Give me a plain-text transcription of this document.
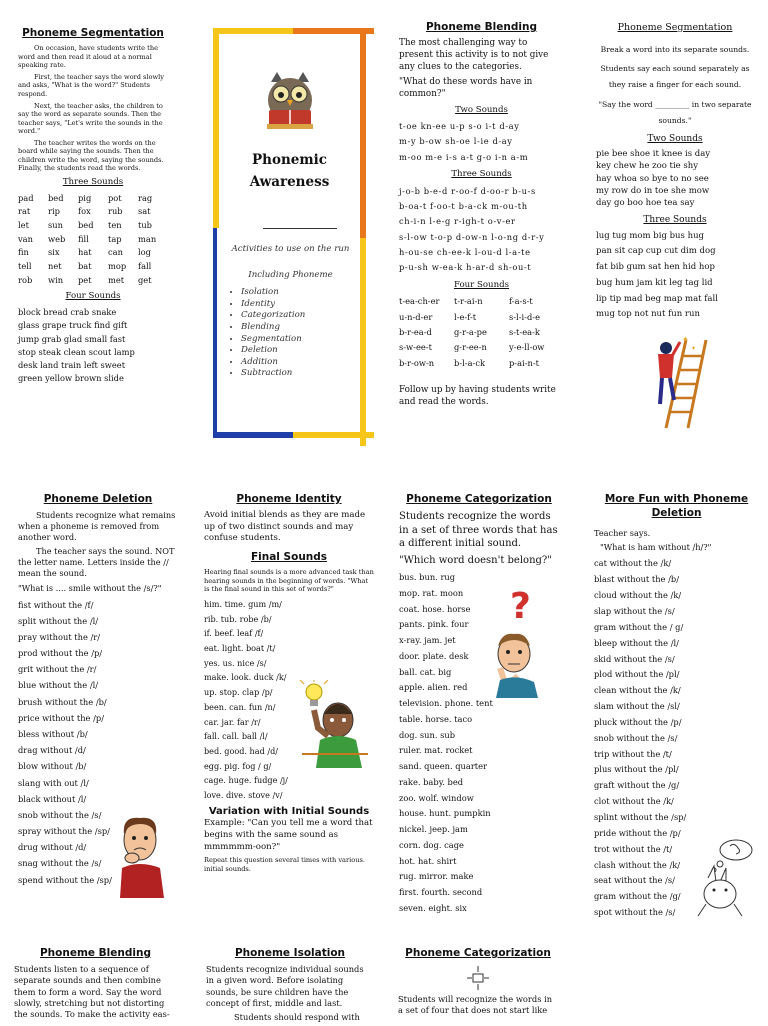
Phoneme Segmentation

On occasion, have students write the word and then read it aloud at a normal speaking rate.

First, the teacher says the word slowly and asks, "What is the word?" Students respond.

Next, the teacher asks, the children to say the word as separate sounds. Then the teacher says, "Let's write the sounds in the word."

The teacher writes the words on the board while saying the sounds. Then the children write the word, saying the sounds. Finally, the students read the words.

Three Sounds
pad	bed	pig	pot	rag
rat	rip	fox	rub	sat
let	sun	bed	ten	tub
van	web	fill	tap	man
fin	six	hat	can	log
tell	net	bat	mop	fall
rob	win	pet	met	get
Four Sounds
block bread crab snake
glass grape truck find gift
jump grab glad small fast
stop steak clean scout lamp
desk land train left sweet
green yellow brown slide
Phonemic
Awareness
Activities to use on the run
Including Phoneme
• Isolation
• Identity
• Categorization
• Blending
• Segmentation
• Deletion
• Addition
• Subtraction
Phoneme Blending

The most challenging way to present this activity is to not give any clues to the categories.

"What do these words have in common?"

Two Sounds
t-oe kn-ee u-p s-o i-t d-ay
m-y b-ow sh-oe l-ie d-ay
m-oo m-e i-s a-t g-o i-n a-m
Three Sounds
j-o-b b-e-d r-oo-f d-oo-r b-u-s
b-oa-t f-oo-t b-a-ck m-ou-th
ch-i-n l-e-g r-igh-t o-v-er
s-l-ow t-o-p d-ow-n l-o-ng d-r-y
h-ou-se ch-ee-k l-ou-d l-a-te
p-u-sh w-ea-k h-ar-d sh-ou-t
Four Sounds
t-ea-ch-er	t-r-ai-n	f-a-s-t
u-n-d-er	l-e-f-t	s-l-i-d-e
b-r-ea-d	g-r-a-pe	s-t-ea-k
s-w-ee-t	g-r-ee-n	y-e-ll-ow
b-r-ow-n	b-l-a-ck	p-ai-n-t

Follow up by having students write and read the words.

Phoneme Segmentation

Break a word into its separate sounds.

Students say each sound separately as they raise a finger for each sound.

"Say the word _________ in two separate sounds."

Two Sounds
pie bee shoe it knee is day
key chew he zoo tie shy
hay whoa so bye to no see
my row do in toe she mow
day go boo hoe tea say
Three Sounds
lug tug mom big bus hug
pan sit cap cup cut dim dog
fat bib gum sat hen hid hop
bug hum jam kit leg tag lid
lip tip mad beg map mat fall
mug top not nut fun run
✦
✦
Phoneme Deletion

Students recognize what remains when a phoneme is removed from another word.

The teacher says the sound. NOT the letter name. Letters inside the // mean the sound.

"What is .... smile without the /s/?"

fist without the /f/
split without the /l/
pray without the /r/
prod without the /p/
grit without the /r/
blue without the /l/
brush without the /b/
price without the /p/
bless without /b/
drag without /d/
blow without /b/
slang with out /l/
black without /l/
snob without the /s/
spray without the /sp/
drug without /d/
snag without the /s/
spend without the /sp/
Phoneme Identity

Avoid initial blends as they are made up of two distinct sounds and may confuse students.

Final Sounds

Hearing final sounds is a more advanced task than hearing sounds in the beginning of words. "What is the final sound in this set of words?"

him. time. gum /m/
rib. tub. robe /b/
if. beef. leaf /f/
eat. light. boat /t/
yes. us. nice /s/
make. look. duck /k/
up. stop. clap /p/
been. can. fun /n/
car. jar. far /r/
fall. call. ball /l/
bed. good. had /d/
egg. pig. fog / g/
cage. huge. fudge /j/
love. dive. stove /v/
Variation with Initial Sounds

Example: "Can you tell me a word that begins with the same sound as mmmmmm-oon?"

Repeat this question several times with various. initial sounds.

Phoneme Categorization

Students recognize the words in a set of three words that has a different initial sound.

"Which word doesn't belong?"

bus. bun. rug
mop. rat. moon
coat. hose. horse
pants. pink. four
x-ray. jam. jet
door. plate. desk
ball. cat. big
apple. alien. red
television. phone. tent
table. horse. taco
dog. sun. sub
ruler. mat. rocket
sand. queen. quarter
rake. baby. bed
zoo. wolf. window
house. hunt. pumpkin
nickel. jeep. jam
corn. dog. cage
hot. hat. shirt
rug. mirror. make
first. fourth. second
seven. eight. six
?
More Fun with Phoneme Deletion

Teacher says.

"What is ham without /h/?"

cat without the /k/
blast without the /b/
cloud without the /k/
slap without the /s/
gram without the / g/
bleep without the /l/
skid without the /s/
plod without the /pl/
clean without the /k/
slam without the /sl/
pluck without the /p/
snob without the /s/
trip without the /t/
plus without the /pl/
graft without the /g/
clot without the /k/
splint without the /sp/
pride without the /p/
trot without the /t/
clash without the /k/
seat without the /s/
gram without the /g/
spot without the /s/
Phoneme Blending

Students listen to a sequence of separate sounds and then combine them to form a word. Say the word slowly, stretching but not distorting the sounds. To make the activity eas-

Phoneme Isolation

Students recognize individual sounds in a given word. Before isolating sounds, be sure children have the concept of first, middle and last.

Students should respond with

Phoneme Categorization

Students will recognize the words in a set of four that does not start like
